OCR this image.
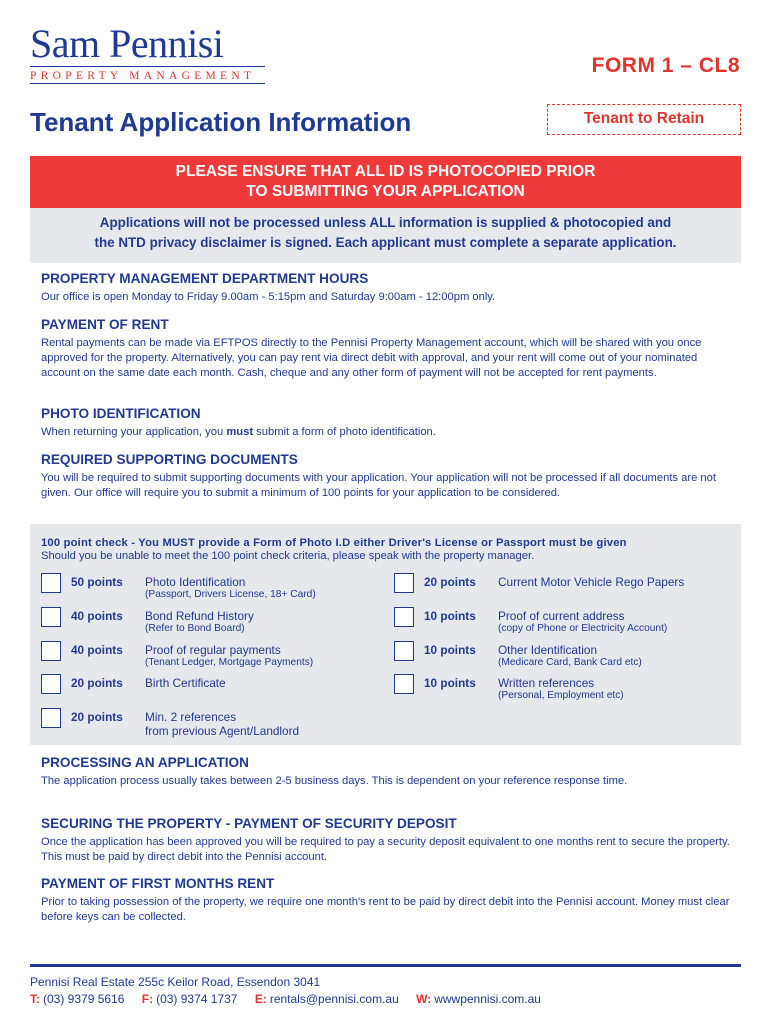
Sam Pennisi
PROPERTY MANAGEMENT	FORM 1 – CL8
Tenant Application Information	Tenant to Retain
PLEASE ENSURE THAT ALL ID IS PHOTOCOPIED PRIOR
TO SUBMITTING YOUR APPLICATION
Applications will not be processed unless ALL information is supplied & photocopied and
the NTD privacy disclaimer is signed. Each applicant must complete a separate application.
PROPERTY MANAGEMENT DEPARTMENT HOURS
Our office is open Monday to Friday 9.00am - 5:15pm and Saturday 9:00am - 12:00pm only.
PAYMENT OF RENT
Rental payments can be made via EFTPOS directly to the Pennisi Property Management account, which will be shared with you once approved for the property. Alternatively, you can pay rent via direct debit with approval, and your rent will come out of your nominated account on the same date each month. Cash, cheque and any other form of payment will not be accepted for rent payments.
PHOTO IDENTIFICATION
When returning your application, you must submit a form of photo identification.
REQUIRED SUPPORTING DOCUMENTS
You will be required to submit supporting documents with your application. Your application will not be processed if all documents are not given. Our office will require you to submit a minimum of 100 points for your application to be considered.
100 point check - You MUST provide a Form of Photo I.D either Driver's License or Passport must be given
Should you be unable to meet the 100 point check criteria, please speak with the property manager.
50 points Photo Identification
(Passport, Drivers License, 18+ Card)
40 points Bond Refund History
(Refer to Bond Board)
40 points Proof of regular payments
(Tenant Ledger, Mortgage Payments)
20 points Birth Certificate
20 points Min. 2 references
from previous Agent/Landlord
20 points Current Motor Vehicle Rego Papers
10 points Proof of current address
(copy of Phone or Electricity Account)
10 points Other Identification
(Medicare Card, Bank Card etc)
10 points Written references
(Personal, Employment etc)
PROCESSING AN APPLICATION
The application process usually takes between 2-5 business days. This is dependent on your reference response time.
SECURING THE PROPERTY - PAYMENT OF SECURITY DEPOSIT
Once the application has been approved you will be required to pay a security deposit equivalent to one months rent to secure the property. This must be paid by direct debit into the Pennisi account.
PAYMENT OF FIRST MONTHS RENT
Prior to taking possession of the property, we require one month's rent to be paid by direct debit into the Pennisi account. Money must clear before keys can be collected.
Pennisi Real Estate 255c Keilor Road, Essendon 3041
T: (03) 9379 5616 F: (03) 9374 1737 E: rentals@pennisi.com.au W: wwwpennisi.com.au
